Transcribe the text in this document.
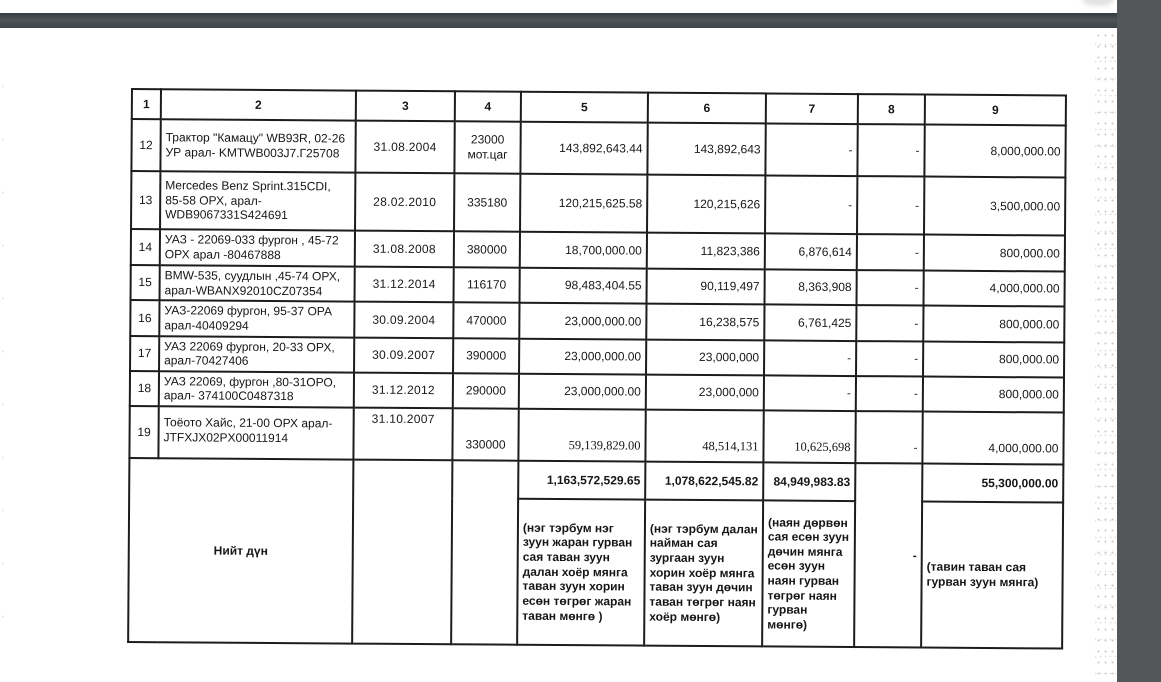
1	2	3	4	5	6	7	8	9
12	Трактор "Камацу" WB93R, 02-26 УР арал- KMTWB003J7.Г25708	31.08.2004	23000 мот.цаг	143,892,643.44	143,892,643	-	-	8,000,000.00
13	Mercedes Benz Sprint.315CDI, 85-58 ОРХ, арал-WDB9067331S424691	28.02.2010	335180	120,215,625.58	120,215,626	-	-	3,500,000.00
14	УАЗ - 22069-033 фургон , 45-72 ОРХ арал -80467888	31.08.2008	380000	18,700,000.00	11,823,386	6,876,614	-	800,000.00
15	BMW-535, суудлын ,45-74 ОРХ, арал-WBANX92010CZ07354	31.12.2014	116170	98,483,404.55	90,119,497	8,363,908	-	4,000,000.00
16	УАЗ-22069 фургон, 95-37 ОРА арал-40409294	30.09.2004	470000	23,000,000.00	16,238,575	6,761,425	-	800,000.00
17	УАЗ 22069 фургон, 20-33 ОРХ, арал-70427406	30.09.2007	390000	23,000,000.00	23,000,000	-	-	800,000.00
18	УАЗ 22069, фургон ,80-31ОРО, арал- 374100C0487318	31.12.2012	290000	23,000,000.00	23,000,000	-	-	800,000.00
19	Тоёото Хайс, 21-00 ОРХ арал- JTFXJX02PX00011914	31.10.2007	330000	59,139,829.00	48,514,131	10,625,698	-	4,000,000.00
Нийт дүн				1,163,572,529.65	1,078,622,545.82	84,949,983.83	-	55,300,000.00
				(нэг тэрбум нэг зуун жаран гурван сая таван зуун далан хоёр мянга таван зуун хорин есөн төгрөг жаран таван мөнгө )	(нэг тэрбум далан найман сая зургаан зуун хорин хоёр мянга таван зуун дөчин таван төгрөг наян хоёр мөнгө)	(наян дөрвөн сая есөн зуун дөчин мянга есөн зуун наян гурван төгрөг наян гурван мөнгө)		(тавин таван сая гурван зуун мянга)
